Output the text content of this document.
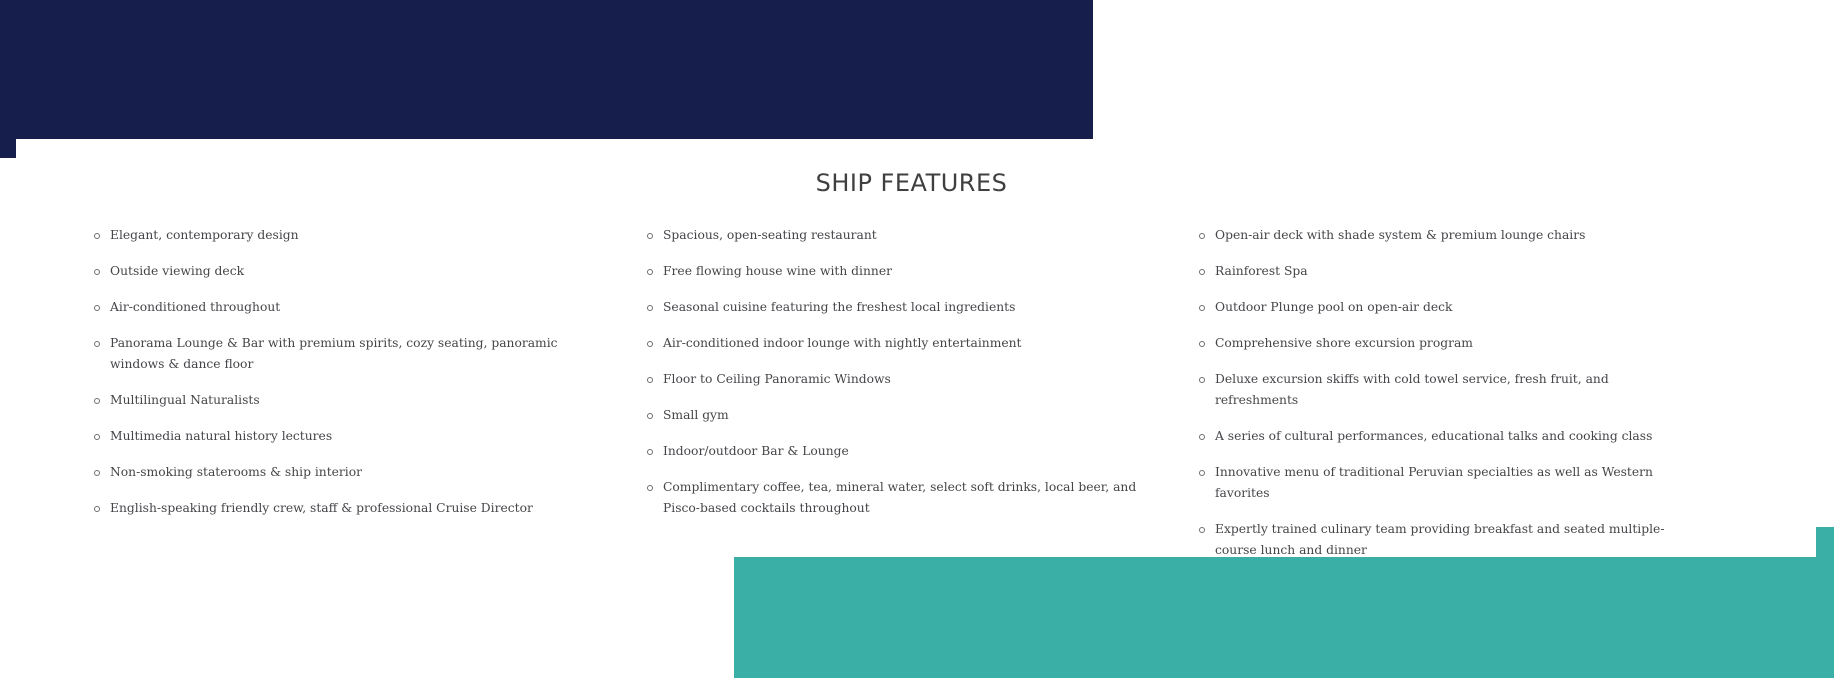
SHIP FEATURES
Elegant, contemporary design
Outside viewing deck
Air-conditioned throughout
Panorama Lounge & Bar with premium spirits, cozy seating, panoramic windows & dance floor
Multilingual Naturalists
Multimedia natural history lectures
Non-smoking staterooms & ship interior
English-speaking friendly crew, staff & professional Cruise Director
Spacious, open-seating restaurant
Free flowing house wine with dinner
Seasonal cuisine featuring the freshest local ingredients
Air-conditioned indoor lounge with nightly entertainment
Floor to Ceiling Panoramic Windows
Small gym
Indoor/outdoor Bar & Lounge
Complimentary coffee, tea, mineral water, select soft drinks, local beer, and Pisco-based cocktails throughout
Open-air deck with shade system & premium lounge chairs
Rainforest Spa
Outdoor Plunge pool on open-air deck
Comprehensive shore excursion program
Deluxe excursion skiffs with cold towel service, fresh fruit, and refreshments
A series of cultural performances, educational talks and cooking class
Innovative menu of traditional Peruvian specialties as well as Western favorites
Expertly trained culinary team providing breakfast and seated multiple-course lunch and dinner
